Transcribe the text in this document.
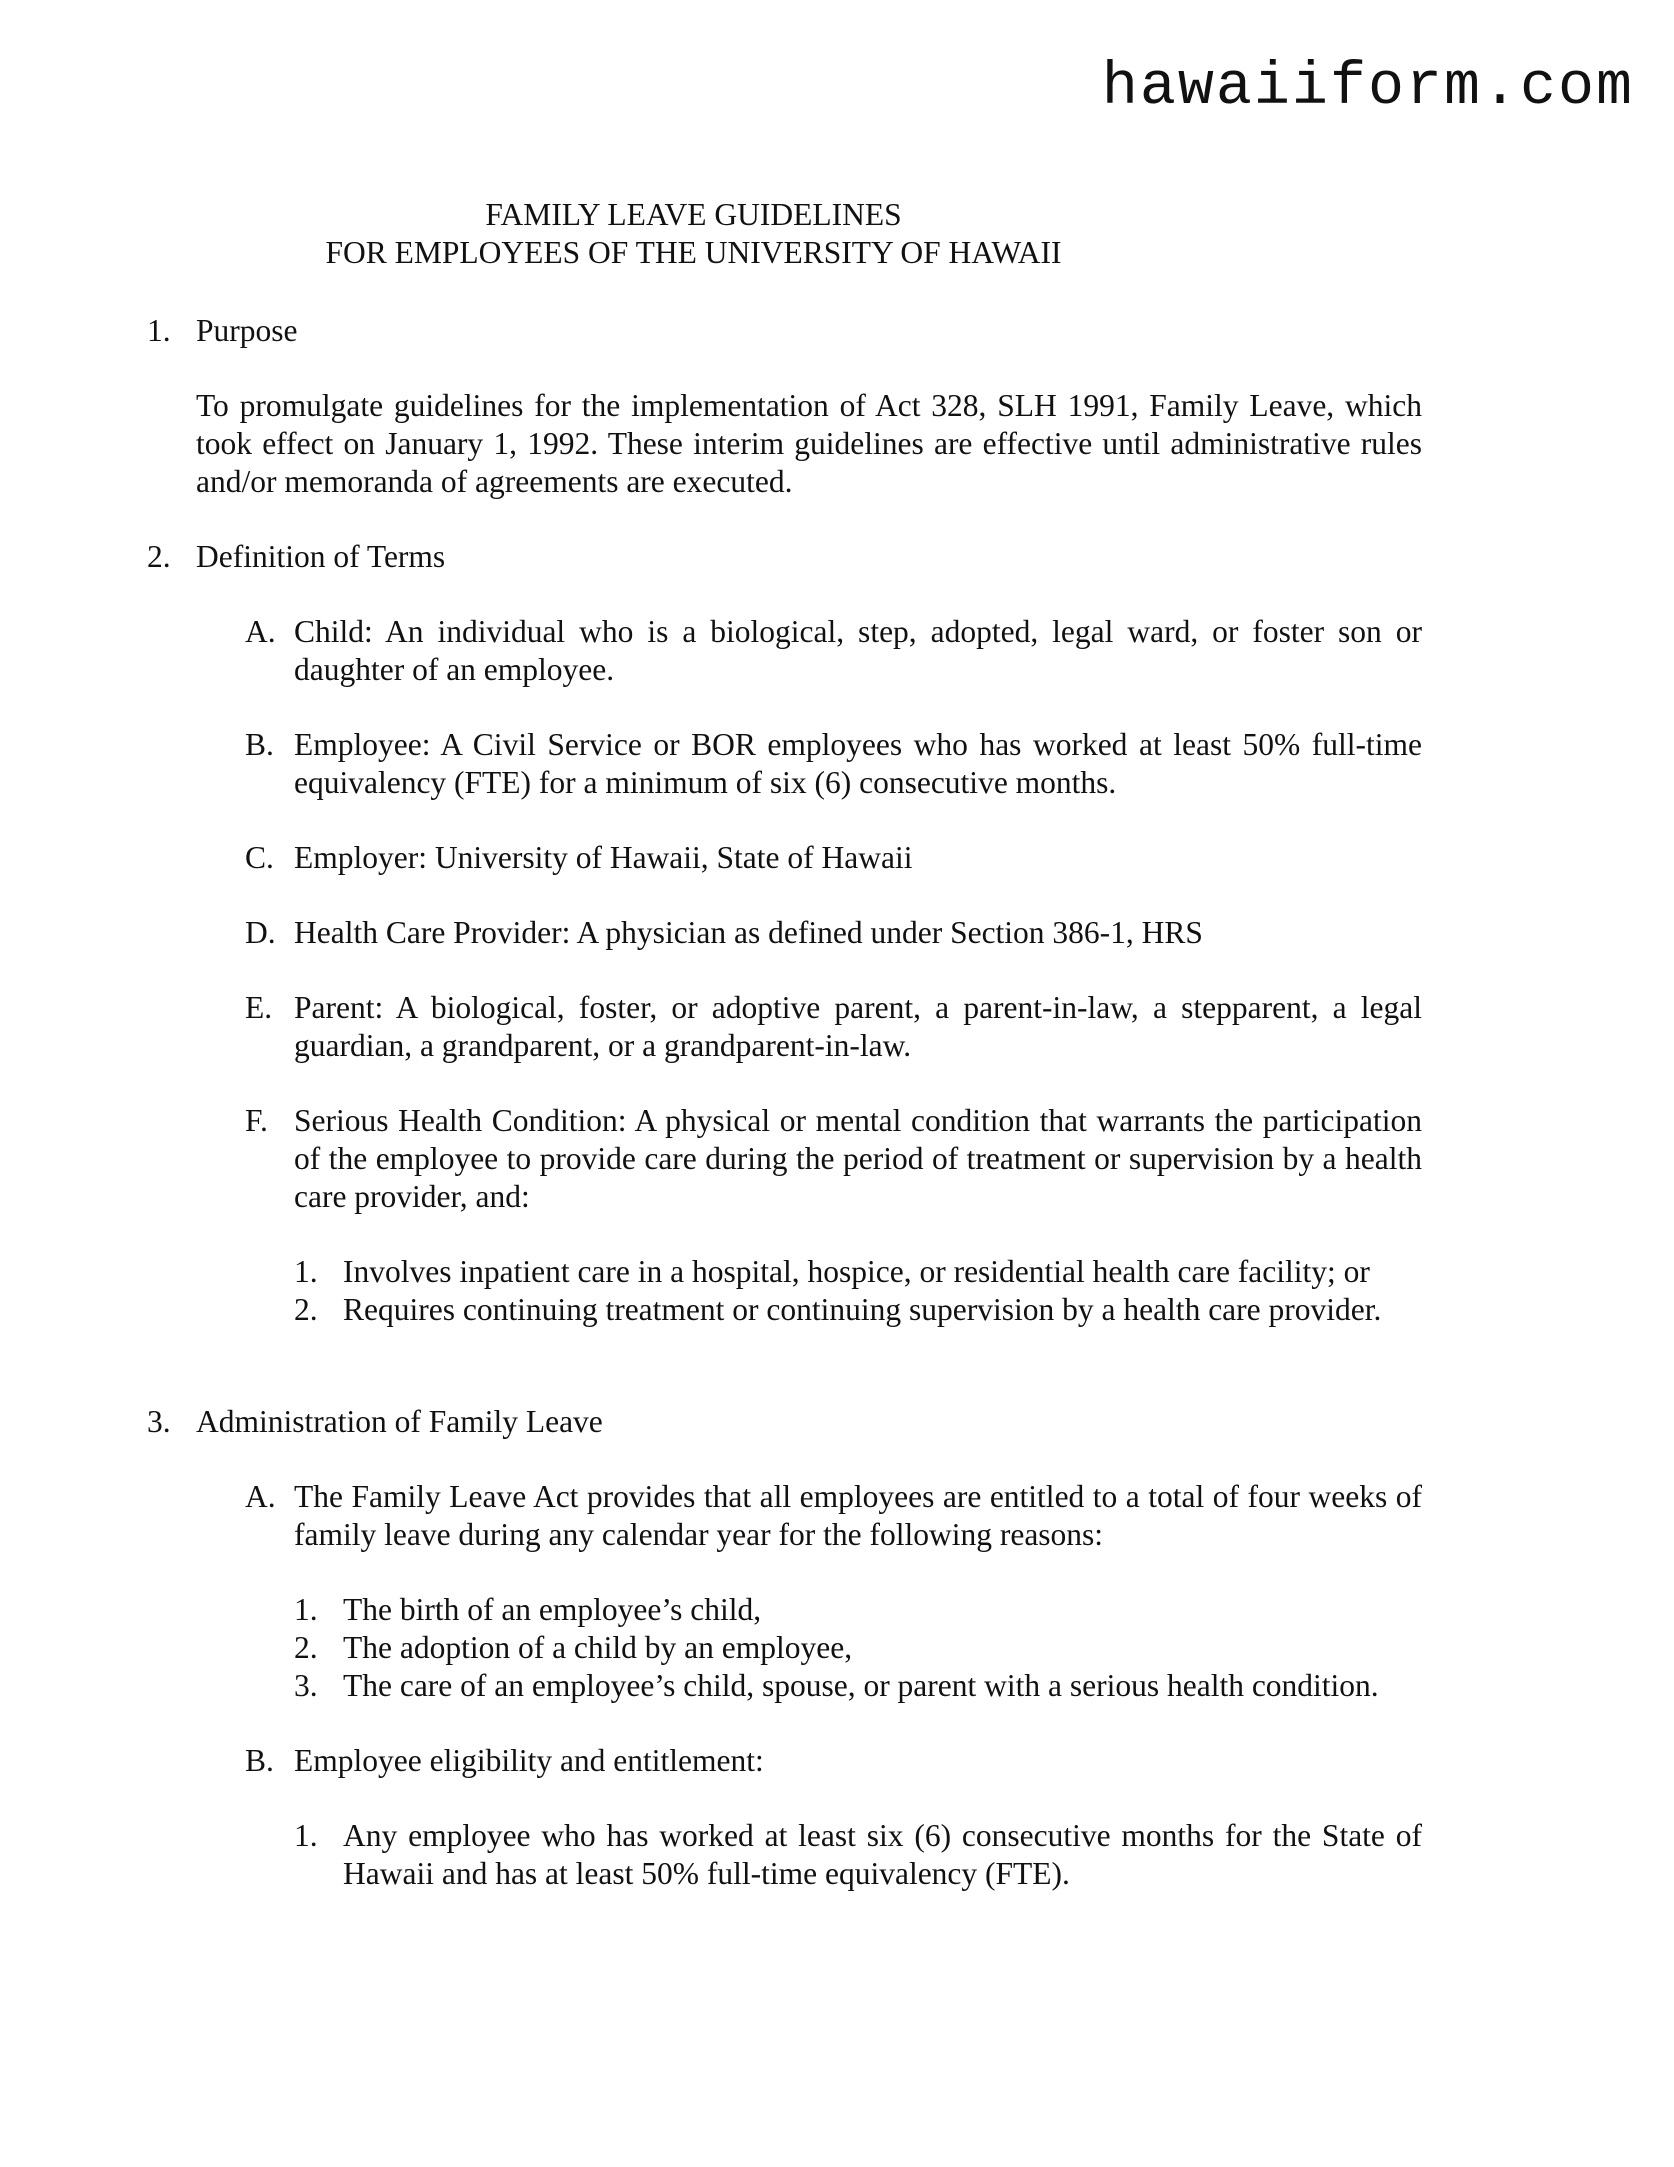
hawaiiform.com
FAMILY LEAVE GUIDELINES
FOR EMPLOYEES OF THE UNIVERSITY OF HAWAII
1. Purpose
To promulgate guidelines for the implementation of Act 328, SLH 1991, Family Leave, which took effect on January 1, 1992. These interim guidelines are effective until administrative rules and/or memoranda of agreements are executed.
2. Definition of Terms
A. Child: An individual who is a biological, step, adopted, legal ward, or foster son or daughter of an employee.
B. Employee: A Civil Service or BOR employees who has worked at least 50% full-time equivalency (FTE) for a minimum of six (6) consecutive months.
C. Employer: University of Hawaii, State of Hawaii
D. Health Care Provider: A physician as defined under Section 386-1, HRS
E. Parent: A biological, foster, or adoptive parent, a parent-in-law, a stepparent, a legal guardian, a grandparent, or a grandparent-in-law.
F. Serious Health Condition: A physical or mental condition that warrants the participation of the employee to provide care during the period of treatment or supervision by a health care provider, and:
1. Involves inpatient care in a hospital, hospice, or residential health care facility; or
2. Requires continuing treatment or continuing supervision by a health care provider.
3. Administration of Family Leave
A. The Family Leave Act provides that all employees are entitled to a total of four weeks of family leave during any calendar year for the following reasons:
1. The birth of an employee’s child,
2. The adoption of a child by an employee,
3. The care of an employee’s child, spouse, or parent with a serious health condition.
B. Employee eligibility and entitlement:
1. Any employee who has worked at least six (6) consecutive months for the State of Hawaii and has at least 50% full-time equivalency (FTE).
